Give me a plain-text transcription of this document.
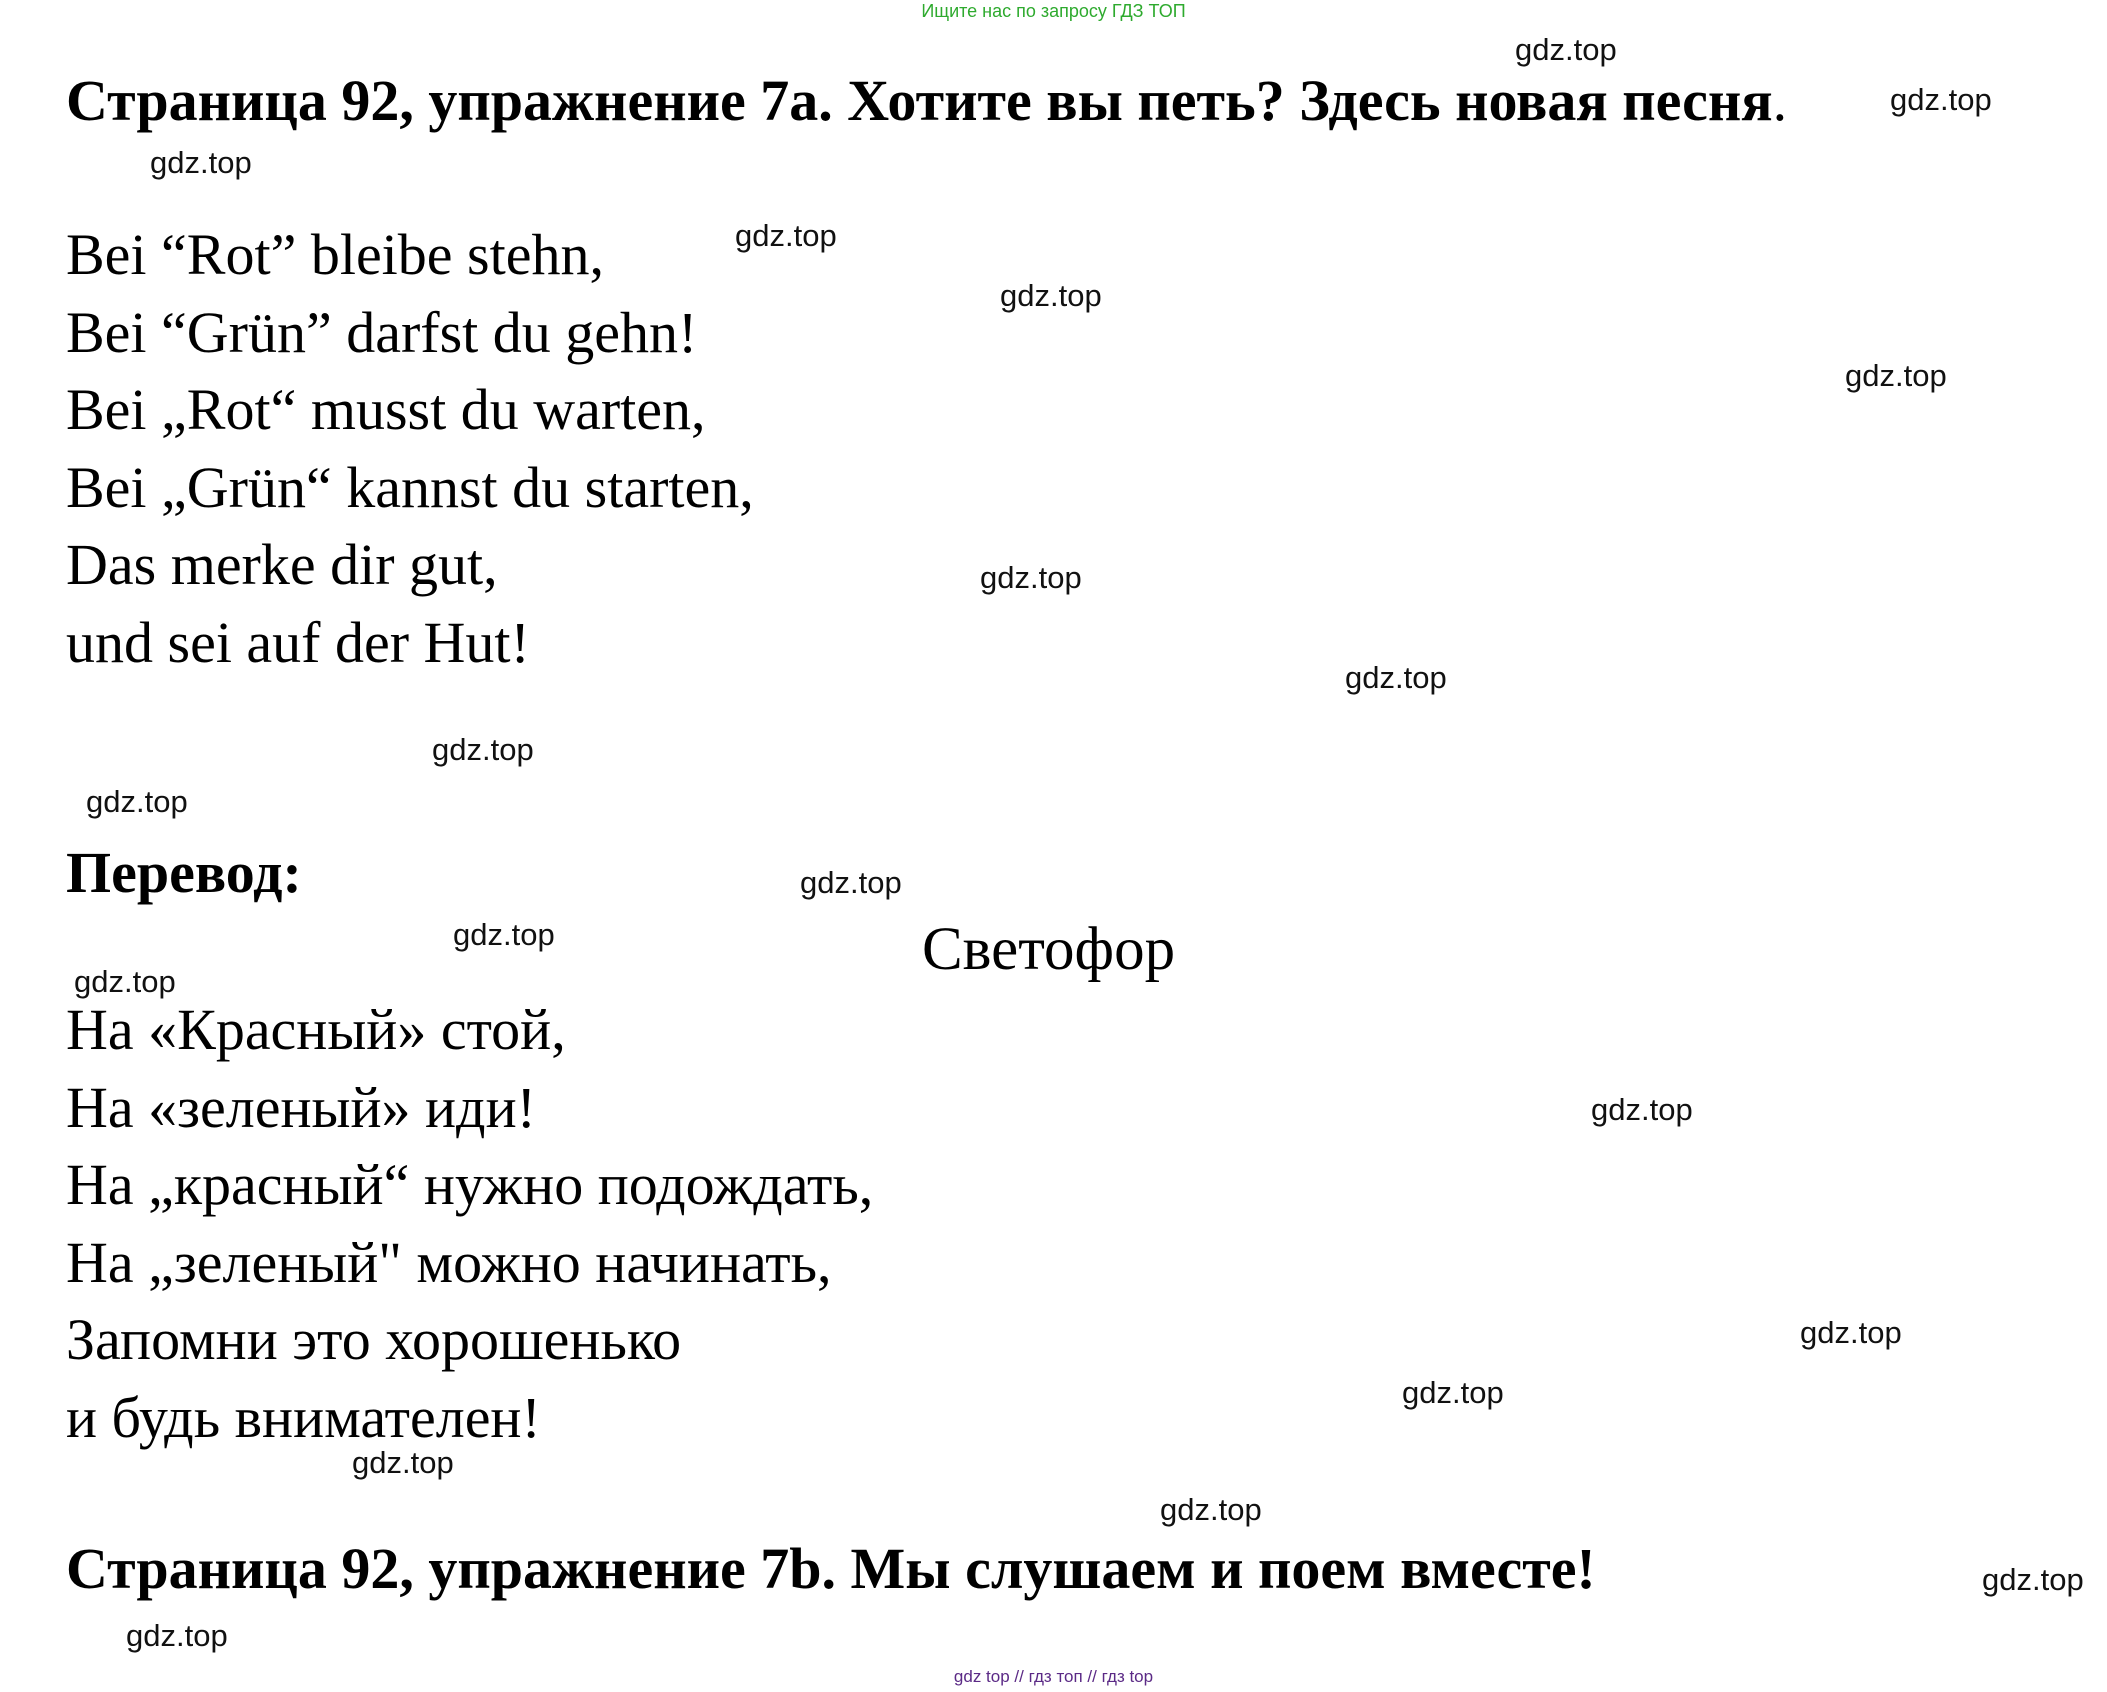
Ищите нас по запросу ГДЗ ТОП
Страница 92, упражнение 7а. Хотите вы петь? Здесь новая песня.
Bei “Rot” bleibe stehn,
Bei “Grün” darfst du gehn!
Bei „Rot“ musst du warten,
Bei „Grün“ kannst du starten,
Das merke dir gut,
und sei auf der Hut!
Перевод:
Светофор
На «Красный» стой,
На «зеленый» иди!
На „красный“ нужно подождать,
На „зеленый" можно начинать,
Запомни это хорошенько
и будь внимателен!
Страница 92, упражнение 7b. Мы слушаем и поем вместе!
gdz.top
gdz.top
gdz.top
gdz.top
gdz.top
gdz.top
gdz.top
gdz.top
gdz.top
gdz.top
gdz.top
gdz.top
gdz.top
gdz.top
gdz.top
gdz.top
gdz.top
gdz.top
gdz.top
gdz.top
gdz top // гдз топ // гдз top
